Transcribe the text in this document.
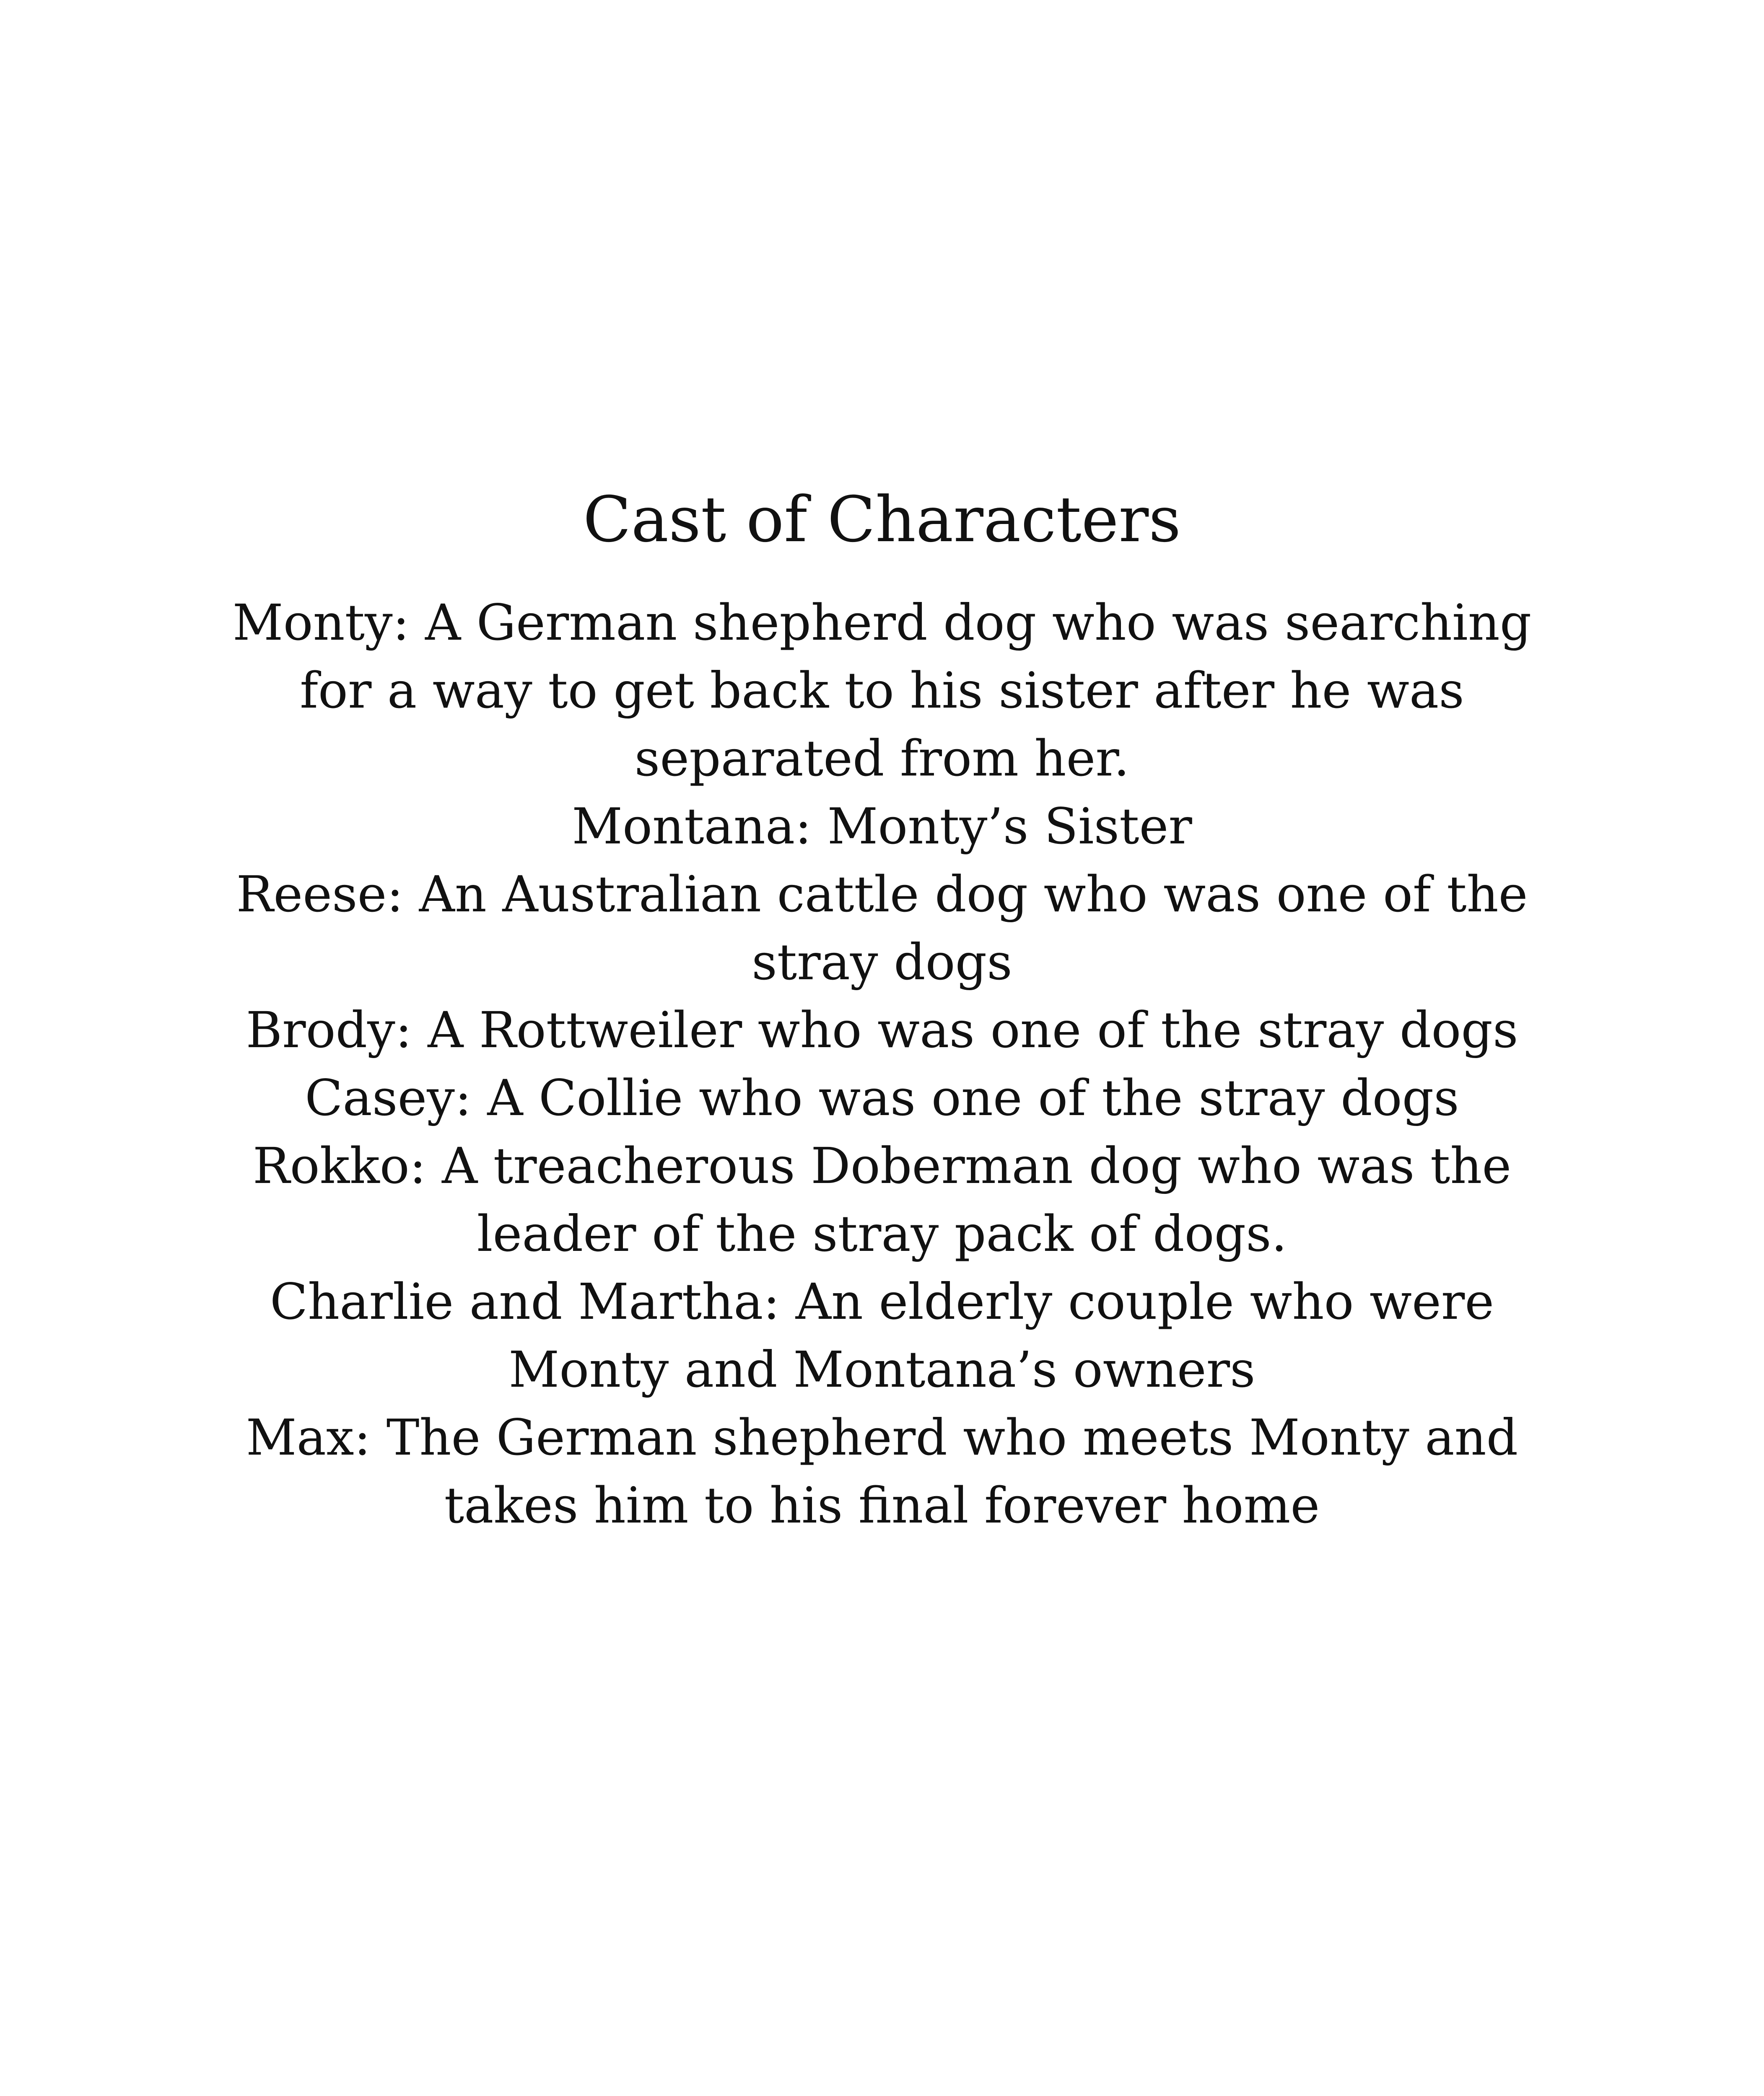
Cast of Characters
Monty: A German shepherd dog who was searching for a way to get back to his sister after he was separated from her.
Montana: Monty’s Sister
Reese: An Australian cattle dog who was one of the stray dogs
Brody: A Rottweiler who was one of the stray dogs
Casey: A Collie who was one of the stray dogs
Rokko: A treacherous Doberman dog who was the leader of the stray pack of dogs.
Charlie and Martha: An elderly couple who were Monty and Montana’s owners
Max: The German shepherd who meets Monty and takes him to his final forever home
